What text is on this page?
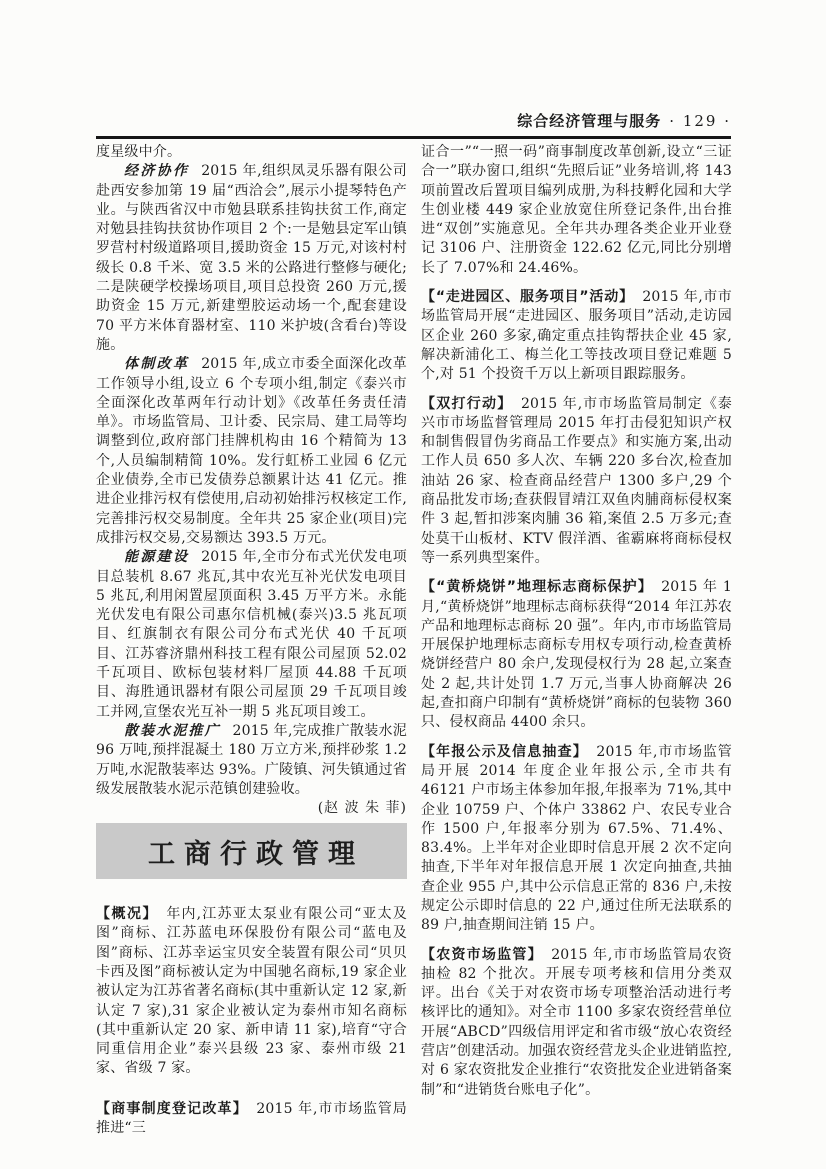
综合经济管理与服务 · 129 ·

度星级中介。

经济协作 2015 年,组织凤灵乐器有限公司赴西安参加第 19 届“西洽会”,展示小提琴特色产业。与陕西省汉中市勉县联系挂钩扶贫工作,商定对勉县挂钩扶贫协作项目 2 个:一是勉县定军山镇罗营村村级道路项目,援助资金 15 万元,对该村村级长 0.8 千米、宽 3.5 米的公路进行整修与硬化;二是陕硬学校操场项目,项目总投资 260 万元,援助资金 15 万元,新建塑胶运动场一个,配套建设 70 平方米体育器材室、110 米护坡(含看台)等设施。

体制改革 2015 年,成立市委全面深化改革工作领导小组,设立 6 个专项小组,制定《泰兴市全面深化改革两年行动计划》《改革任务责任清单》。市场监管局、卫计委、民宗局、建工局等均调整到位,政府部门挂牌机构由 16 个精简为 13 个,人员编制精简 10%。发行虹桥工业园 6 亿元企业债券,全市已发债券总额累计达 41 亿元。推进企业排污权有偿使用,启动初始排污权核定工作,完善排污权交易制度。全年共 25 家企业(项目)完成排污权交易,交易额达 393.5 万元。

能源建设 2015 年,全市分布式光伏发电项目总装机 8.67 兆瓦,其中农光互补光伏发电项目 5 兆瓦,利用闲置屋顶面积 3.45 万平方米。永能光伏发电有限公司惠尔信机械(泰兴)3.5 兆瓦项目、红旗制衣有限公司分布式光伏 40 千瓦项目、江苏睿济鼎州科技工程有限公司屋顶 52.02 千瓦项目、欧标包装材料厂屋顶 44.88 千瓦项目、海胜通讯器材有限公司屋顶 29 千瓦项目竣工并网,宣堡农光互补一期 5 兆瓦项目竣工。

散装水泥推广 2015 年,完成推广散装水泥 96 万吨,预拌混凝土 180 万立方米,预拌砂浆 1.2 万吨,水泥散装率达 93%。广陵镇、河失镇通过省级发展散装水泥示范镇创建验收。
(赵 波 朱 菲)

工商行政管理

【概况】 年内,江苏亚太泵业有限公司“亚太及图”商标、江苏蓝电环保股份有限公司“蓝电及图”商标、江苏幸运宝贝安全装置有限公司“贝贝卡西及图”商标被认定为中国驰名商标,19 家企业被认定为江苏省著名商标(其中重新认定 12 家,新认定 7 家),31 家企业被认定为泰州市知名商标(其中重新认定 20 家、新申请 11 家),培育“守合同重信用企业”泰兴县级 23 家、泰州市级 21 家、省级 7 家。

【商事制度登记改革】 2015 年,市市场监管局推进“三

证合一”“一照一码”商事制度改革创新,设立“三证合一”联办窗口,组织“先照后证”业务培训,将 143 项前置改后置项目编列成册,为科技孵化园和大学生创业楼 449 家企业放宽住所登记条件,出台推进“双创”实施意见。全年共办理各类企业开业登记 3106 户、注册资金 122.62 亿元,同比分别增长了 7.07%和 24.46%。

【“走进园区、服务项目”活动】 2015 年,市市场监管局开展“走进园区、服务项目”活动,走访园区企业 260 多家,确定重点挂钩帮扶企业 45 家,解决新浦化工、梅兰化工等技改项目登记难题 5 个,对 51 个投资千万以上新项目跟踪服务。

【双打行动】 2015 年,市市场监管局制定《泰兴市市场监督管理局 2015 年打击侵犯知识产权和制售假冒伪劣商品工作要点》和实施方案,出动工作人员 650 多人次、车辆 220 多台次,检查加油站 26 家、检查商品经营户 1300 多户,29 个商品批发市场;查获假冒靖江双鱼肉脯商标侵权案件 3 起,暂扣涉案肉脯 36 箱,案值 2.5 万多元;查处莫干山板材、KTV 假洋酒、雀霸麻将商标侵权等一系列典型案件。

【“黄桥烧饼”地理标志商标保护】 2015 年 1 月,“黄桥烧饼”地理标志商标获得“2014 年江苏农产品和地理标志商标 20 强”。年内,市市场监管局开展保护地理标志商标专用权专项行动,检查黄桥烧饼经营户 80 余户,发现侵权行为 28 起,立案查处 2 起,共计处罚 1.7 万元,当事人协商解决 26 起,查扣商户印制有“黄桥烧饼”商标的包装物 360 只、侵权商品 4400 余只。

【年报公示及信息抽查】 2015 年,市市场监管局开展 2014 年度企业年报公示,全市共有 46121 户市场主体参加年报,年报率为 71%,其中企业 10759 户、个体户 33862 户、农民专业合作 1500 户,年报率分别为 67.5%、71.4%、83.4%。上半年对企业即时信息开展 2 次不定向抽查,下半年对年报信息开展 1 次定向抽查,共抽查企业 955 户,其中公示信息正常的 836 户,未按规定公示即时信息的 22 户,通过住所无法联系的 89 户,抽查期间注销 15 户。

【农资市场监管】 2015 年,市市场监管局农资抽检 82 个批次。开展专项考核和信用分类双评。出台《关于对农资市场专项整治活动进行考核评比的通知》。对全市 1100 多家农资经营单位开展“ABCD”四级信用评定和省市级“放心农资经营店”创建活动。加强农资经营龙头企业进销监控,对 6 家农资批发企业推行“农资批发企业进销备案制”和“进销货台账电子化”。
